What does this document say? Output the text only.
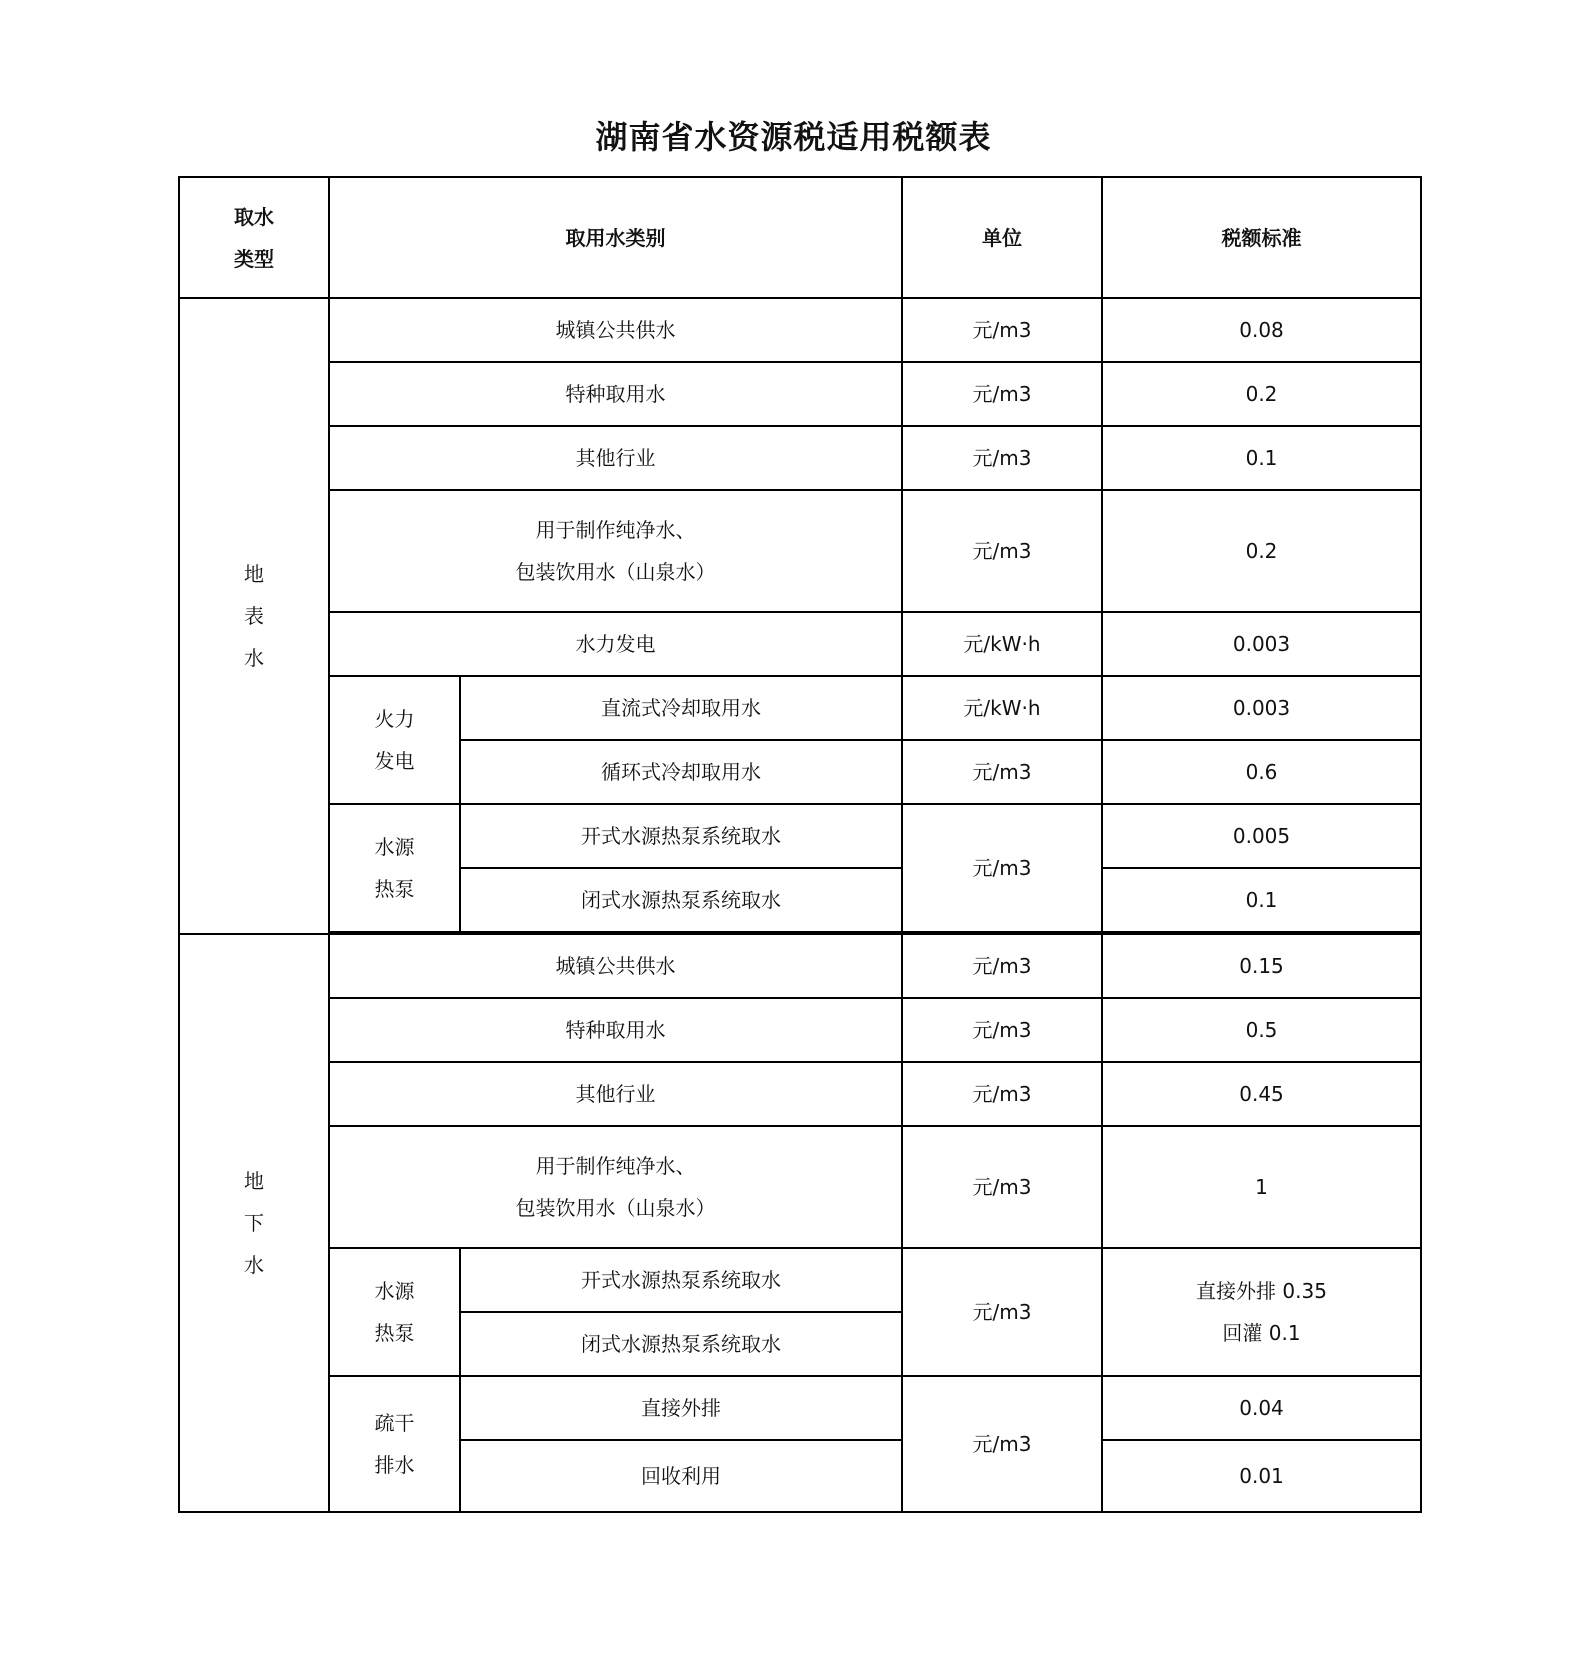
湖南省水资源税适用税额表
取水类型	取用水类别		单位	税额标准
地表水	城镇公共供水		元/m3	0.08
	特种取用水		元/m3	0.2
	其他行业		元/m3	0.1

	用于制作纯净水、
包装饮用水（山泉水）		元/m3	0.2
	水力发电		元/kW·h	0.003
	火力发电	直流式冷却取用水	元/kW·h	0.003
		循环式冷却取用水	元/m3	0.6
	水源热泵	开式水源热泵系统取水	元/m3	0.005
		闭式水源热泵系统取水		0.1

地下水	城镇公共供水		元/m3	0.15
	特种取用水		元/m3	0.5
	其他行业		元/m3	0.45

	用于制作纯净水、
包装饮用水（山泉水）		元/m3	1
	水源热泵	开式水源热泵系统取水	元/m3	直接外排 0.35
回灌 0.1

		闭式水源热泵系统取水		
	疏干排水	直接外排	元/m3	0.04
		回收利用		0.01
